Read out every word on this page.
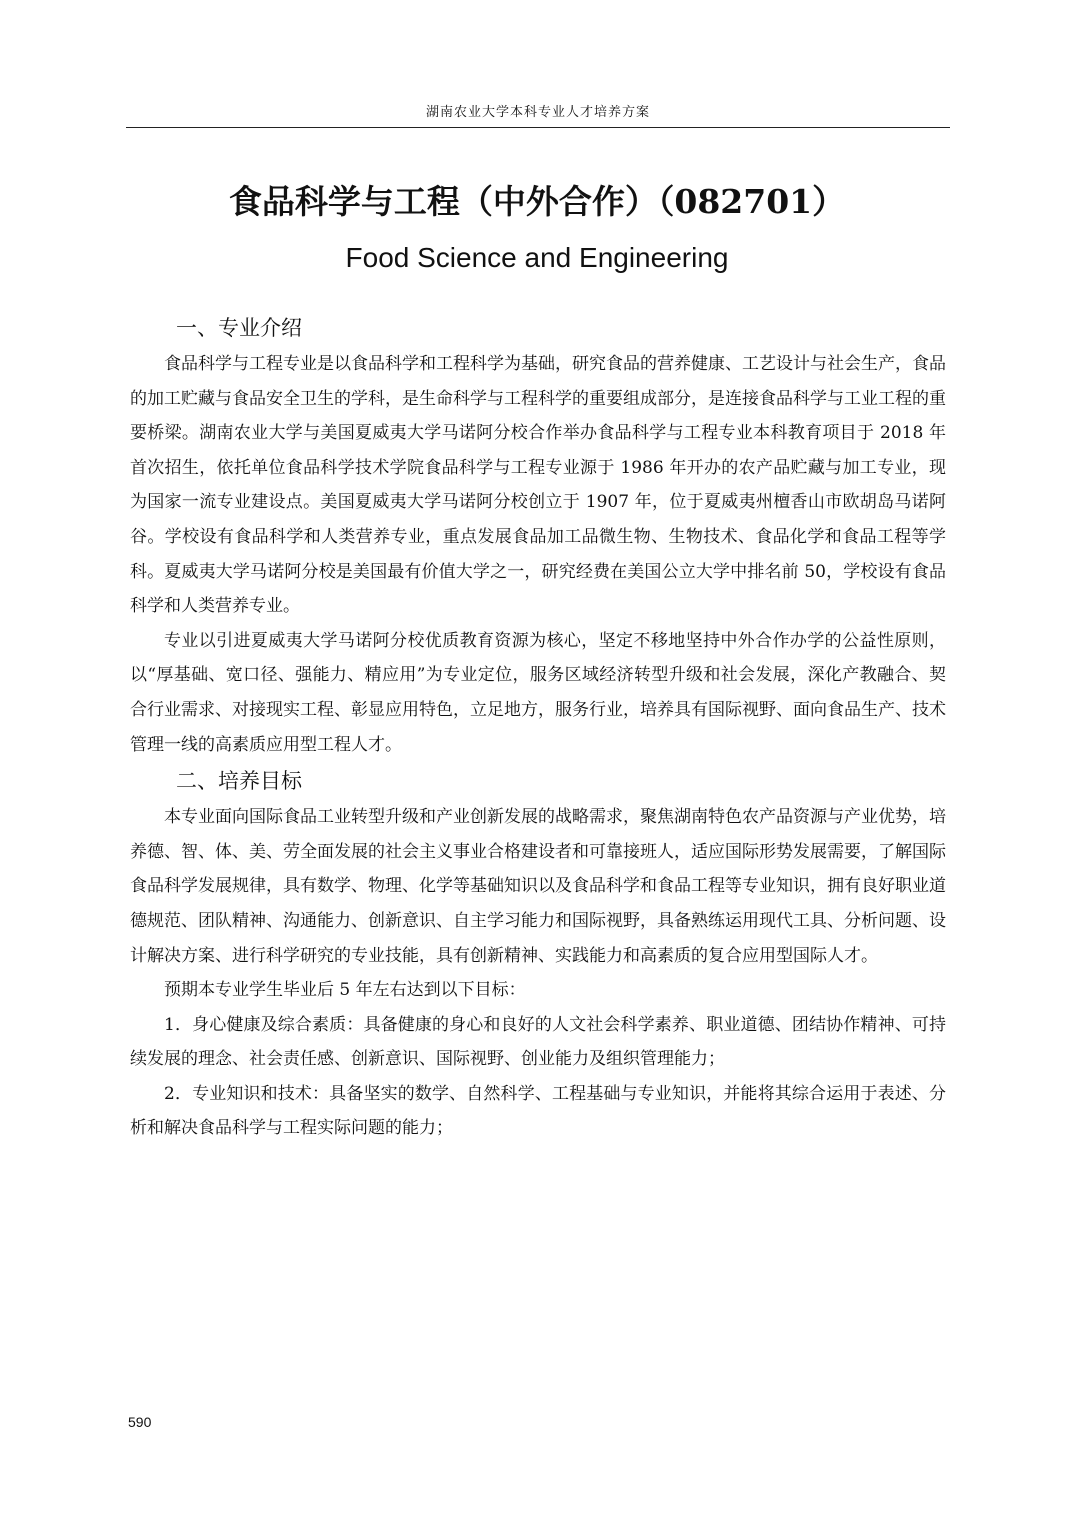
湖南农业大学本科专业人才培养方案
食品科学与工程（中外合作）（082701）
Food Science and Engineering
一、专业介绍

食品科学与工程专业是以食品科学和工程科学为基础，研究食品的营养健康、工艺设计与社会生产，食品的加工贮藏与食品安全卫生的学科，是生命科学与工程科学的重要组成部分，是连接食品科学与工业工程的重要桥梁。湖南农业大学与美国夏威夷大学马诺阿分校合作举办食品科学与工程专业本科教育项目于 2018 年首次招生，依托单位食品科学技术学院食品科学与工程专业源于 1986 年开办的农产品贮藏与加工专业，现为国家一流专业建设点。美国夏威夷大学马诺阿分校创立于 1907 年，位于夏威夷州檀香山市欧胡岛马诺阿谷。学校设有食品科学和人类营养专业，重点发展食品加工品微生物、生物技术、食品化学和食品工程等学科。夏威夷大学马诺阿分校是美国最有价值大学之一，研究经费在美国公立大学中排名前 50，学校设有食品科学和人类营养专业。

专业以引进夏威夷大学马诺阿分校优质教育资源为核心，坚定不移地坚持中外合作办学的公益性原则，以“厚基础、宽口径、强能力、精应用”为专业定位，服务区域经济转型升级和社会发展，深化产教融合、契合行业需求、对接现实工程、彰显应用特色，立足地方，服务行业，培养具有国际视野、面向食品生产、技术管理一线的高素质应用型工程人才。

二、培养目标

本专业面向国际食品工业转型升级和产业创新发展的战略需求，聚焦湖南特色农产品资源与产业优势，培养德、智、体、美、劳全面发展的社会主义事业合格建设者和可靠接班人，适应国际形势发展需要，了解国际食品科学发展规律，具有数学、物理、化学等基础知识以及食品科学和食品工程等专业知识，拥有良好职业道德规范、团队精神、沟通能力、创新意识、自主学习能力和国际视野，具备熟练运用现代工具、分析问题、设计解决方案、进行科学研究的专业技能，具有创新精神、实践能力和高素质的复合应用型国际人才。

预期本专业学生毕业后 5 年左右达到以下目标：

1．身心健康及综合素质：具备健康的身心和良好的人文社会科学素养、职业道德、团结协作精神、可持续发展的理念、社会责任感、创新意识、国际视野、创业能力及组织管理能力；

2．专业知识和技术：具备坚实的数学、自然科学、工程基础与专业知识，并能将其综合运用于表述、分析和解决食品科学与工程实际问题的能力；

590
